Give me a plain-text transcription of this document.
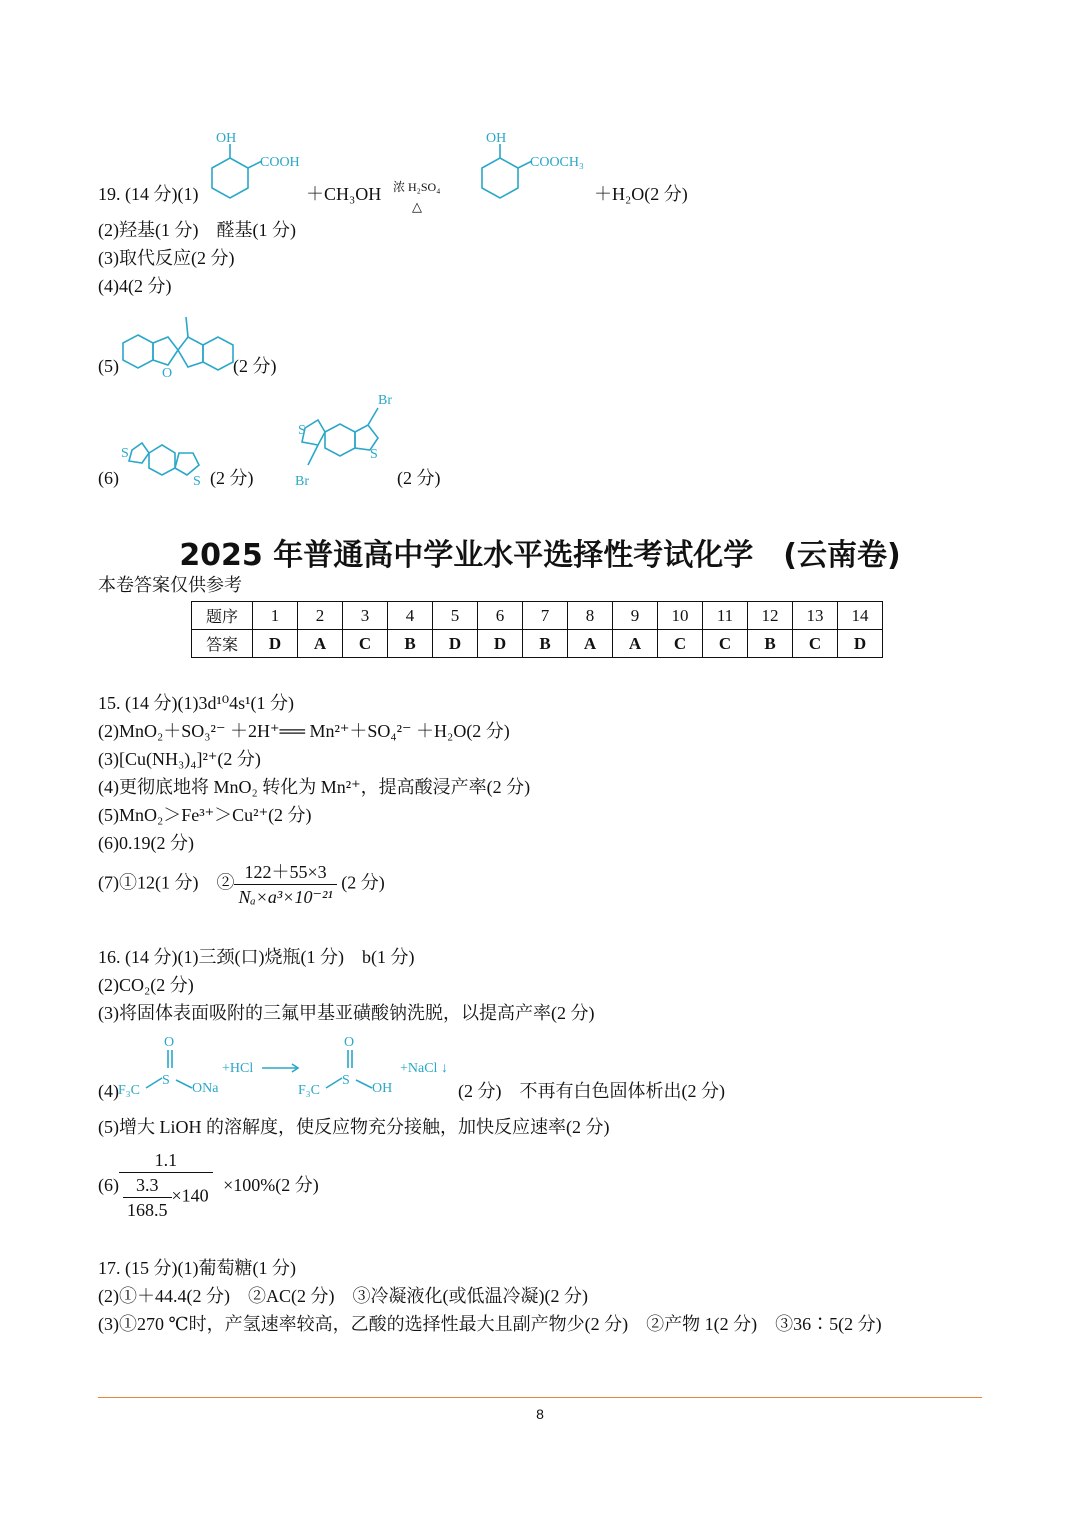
19. (14 分)(1)
OH
COOH
＋CH₃OH 浓 H₂SO₄
△
OH
COOCH₃
＋H₂O(2 分)
(2)羟基(1 分)　醛基(1 分)
(3)取代反应(2 分)
(4)4(2 分)
(5)	O	(2 分)
(6)
S
S (2 分)
S
S
Br
Br	(2 分)
2025 年普通高中学业水平选择性考试化学　(云南卷)
本卷答案仅供参考
题序	1	2	3	4	5	6	7	8	9	10	11	12	13	14
答案	D	A	C	B	D	D	B	A	A	C	C	B	C	D
15. (14 分)(1)3d¹⁰4s¹(1 分)
(2)MnO₂＋SO₃²⁻ ＋2H⁺══ Mn²⁺＋SO₄²⁻ ＋H₂O(2 分)
(3)[Cu(NH₃)₄]²⁺(2 分)
(4)更彻底地将 MnO₂ 转化为 Mn²⁺，提高酸浸产率(2 分)
(5)MnO₂＞Fe³⁺＞Cu²⁺(2 分)
(6)0.19(2 分)
(7)①12(1 分)　② $\frac{122+55\times 3}{\text{Nₐ×a³×10⁻²¹}} (2$ 分)
16. (14 分)(1)三颈(口)烧瓶(1 分)　b(1 分)
(2)CO₂(2 分)
(3)将固体表面吸附的三氟甲基亚磺酸钠洗脱，以提高产率(2 分)
(4) F₃C
S
O
ONa
+HCl
F₃C
S
O
OH
+NaCl ↓
(2 分)　不再有白色固体析出(2 分)
(5)增大 LiOH 的溶解度，使反应物充分接触，加快反应速率(2 分)
$(6) \frac{1.1}{\frac{3.3}{168.5} \times 140} \times 100\%(2$ 分)
17. (15 分)(1)葡萄糖(1 分)
(2)①＋44.4(2 分)　②AC(2 分)　③冷凝液化(或低温冷凝)(2 分)
(3)①270 ℃时，产氢速率较高，乙酸的选择性最大且副产物少(2 分)　②产物 1(2 分)　③36∶5(2 分)
8
